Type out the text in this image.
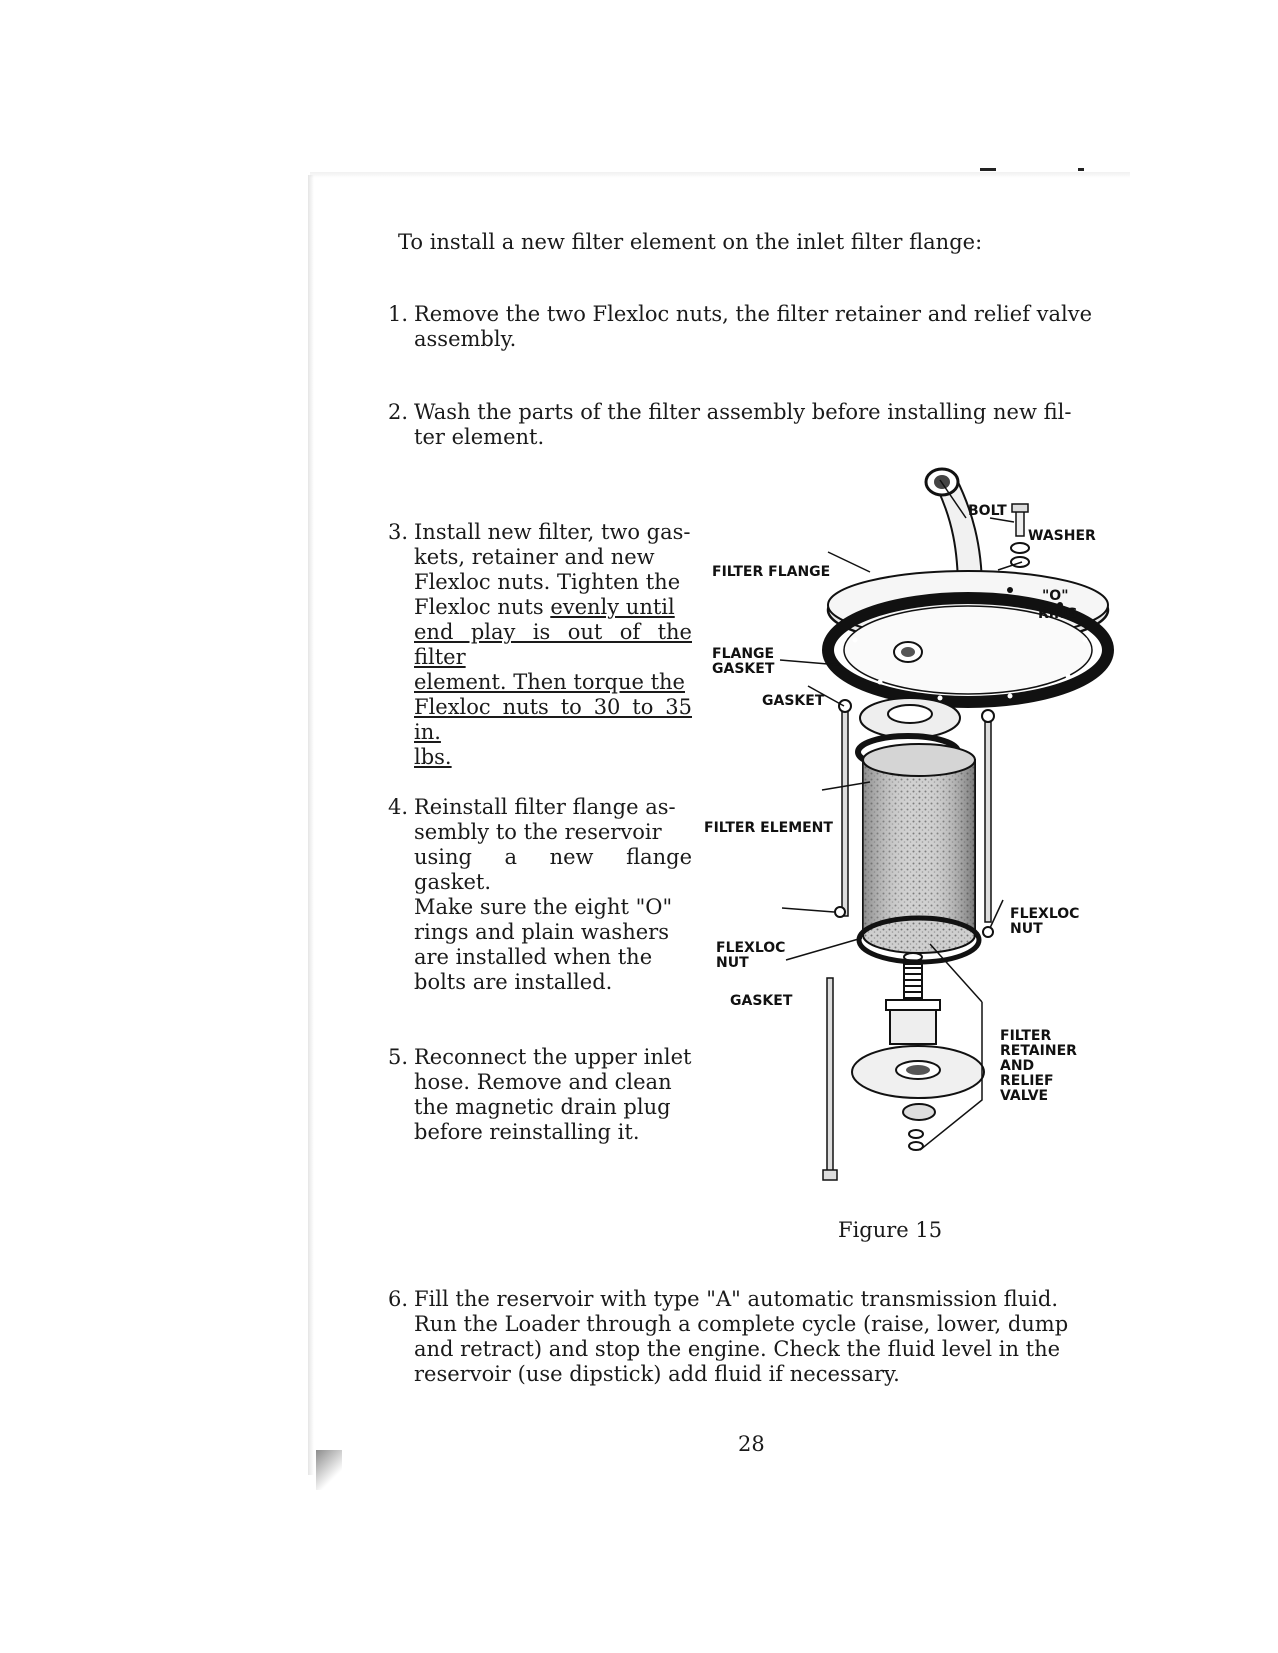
To install a new filter element on the inlet filter flange:
1. Remove the two Flexloc nuts, the filter retainer and relief valve
assembly.
2. Wash the parts of the filter assembly before installing new fil-
ter element.
3. Install new filter, two gas-
kets, retainer and new
Flexloc nuts. Tighten the
Flexloc nuts evenly until
end play is out of the filter
element. Then torque the
Flexloc nuts to 30 to 35 in.
lbs.
4. Reinstall filter flange as-
sembly to the reservoir
using a new flange gasket.
Make sure the eight "O"
rings and plain washers
are installed when the
bolts are installed.
5. Reconnect the upper inlet
hose. Remove and clean
the magnetic drain plug
before reinstalling it.
BOLT
WASHER
"O"
RING
FILTER FLANGE
FLANGE
GASKET
GASKET
FILTER ELEMENT
FLEXLOC
NUT
FLEXLOC
NUT
GASKET
FILTER
RETAINER
AND
RELIEF
VALVE
Figure 15
6. Fill the reservoir with type "A" automatic transmission fluid.
Run the Loader through a complete cycle (raise, lower, dump
and retract) and stop the engine. Check the fluid level in the
reservoir (use dipstick) add fluid if necessary.
28
